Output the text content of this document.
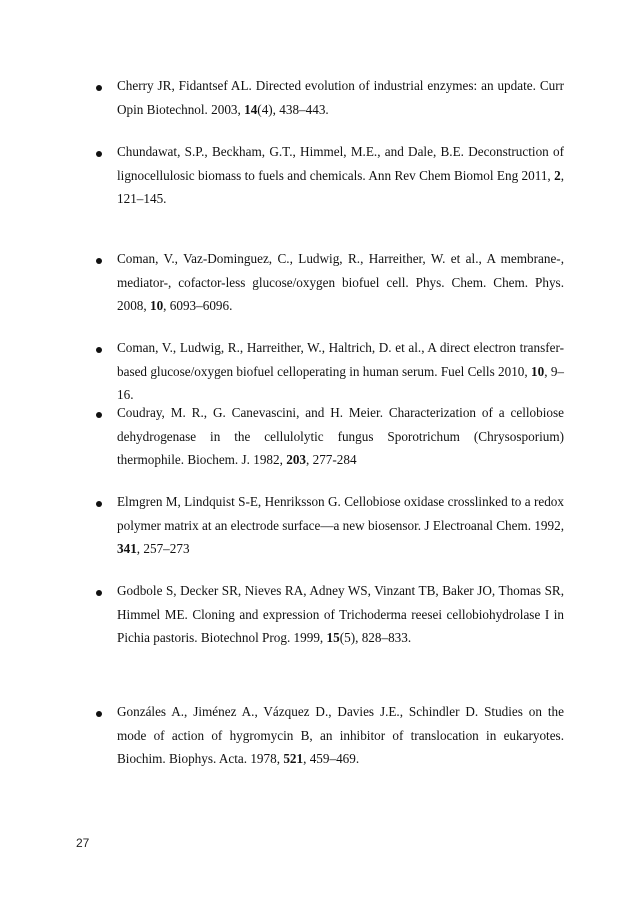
Cherry JR, Fidantsef AL. Directed evolution of industrial enzymes: an update. Curr Opin Biotechnol. 2003, 14(4), 438–443.
Chundawat, S.P., Beckham, G.T., Himmel, M.E., and Dale, B.E. Deconstruction of lignocellulosic biomass to fuels and chemicals. Ann Rev Chem Biomol Eng 2011, 2, 121–145.
Coman, V., Vaz-Dominguez, C., Ludwig, R., Harreither, W. et al., A membrane-, mediator-, cofactor-less glucose/oxygen biofuel cell. Phys. Chem. Chem. Phys. 2008, 10, 6093–6096.
Coman, V., Ludwig, R., Harreither, W., Haltrich, D. et al., A direct electron transfer-based glucose/oxygen biofuel celloperating in human serum. Fuel Cells 2010, 10, 9–16.
Coudray, M. R., G. Canevascini, and H. Meier. Characterization of a cellobiose dehydrogenase in the cellulolytic fungus Sporotrichum (Chrysosporium) thermophile. Biochem. J. 1982, 203, 277-284
Elmgren M, Lindquist S-E, Henriksson G. Cellobiose oxidase crosslinked to a redox polymer matrix at an electrode surface—a new biosensor. J Electroanal Chem. 1992, 341, 257–273
Godbole S, Decker SR, Nieves RA, Adney WS, Vinzant TB, Baker JO, Thomas SR, Himmel ME. Cloning and expression of Trichoderma reesei cellobiohydrolase I in Pichia pastoris. Biotechnol Prog. 1999, 15(5), 828–833.
Gonzáles A., Jiménez A., Vázquez D., Davies J.E., Schindler D. Studies on the mode of action of hygromycin B, an inhibitor of translocation in eukaryotes. Biochim. Biophys. Acta. 1978, 521, 459–469.
27
